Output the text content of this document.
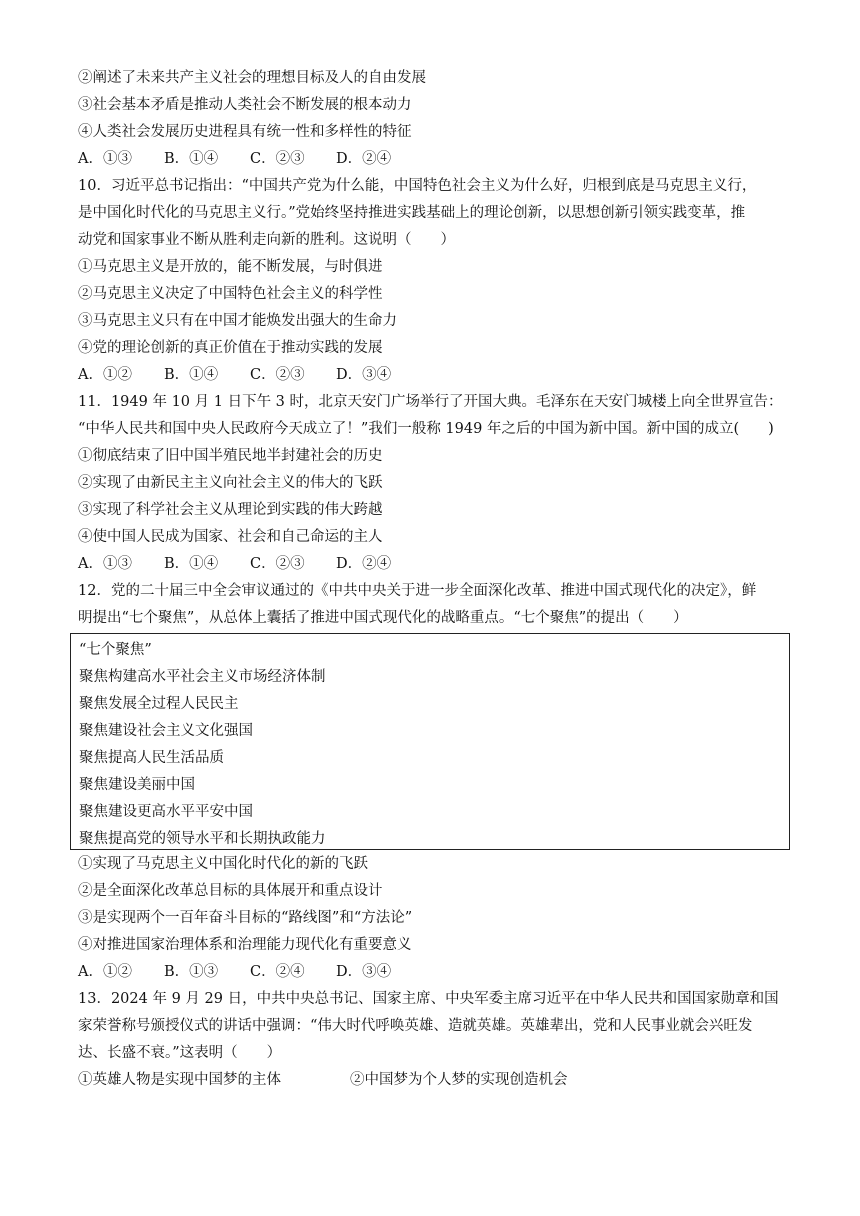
②阐述了未来共产主义社会的理想目标及人的自由发展
③社会基本矛盾是推动人类社会不断发展的根本动力
④人类社会发展历史进程具有统一性和多样性的特征
A．①③	B．①④	C．②③	D．②④
10．习近平总书记指出：“中国共产党为什么能，中国特色社会主义为什么好，归根到底是马克思主义行，
是中国化时代化的马克思主义行。”党始终坚持推进实践基础上的理论创新，以思想创新引领实践变革，推
动党和国家事业不断从胜利走向新的胜利。这说明（　　）
①马克思主义是开放的，能不断发展，与时俱进
②马克思主义决定了中国特色社会主义的科学性
③马克思主义只有在中国才能焕发出强大的生命力
④党的理论创新的真正价值在于推动实践的发展
A．①②	B．①④	C．②③	D．③④
11．1949 年 10 月 1 日下午 3 时，北京天安门广场举行了开国大典。毛泽东在天安门城楼上向全世界宣告：
“中华人民共和国中央人民政府今天成立了！”我们一般称 1949 年之后的中国为新中国。新中国的成立(　　)
①彻底结束了旧中国半殖民地半封建社会的历史
②实现了由新民主主义向社会主义的伟大的飞跃
③实现了科学社会主义从理论到实践的伟大跨越
④使中国人民成为国家、社会和自己命运的主人
A．①③	B．①④	C．②③	D．②④
12．党的二十届三中全会审议通过的《中共中央关于进一步全面深化改革、推进中国式现代化的决定》，鲜
明提出“七个聚焦”，从总体上囊括了推进中国式现代化的战略重点。“七个聚焦”的提出（　　）
“七个聚焦”
聚焦构建高水平社会主义市场经济体制
聚焦发展全过程人民民主
聚焦建设社会主义文化强国
聚焦提高人民生活品质
聚焦建设美丽中国
聚焦建设更高水平平安中国
聚焦提高党的领导水平和长期执政能力
①实现了马克思主义中国化时代化的新的飞跃
②是全面深化改革总目标的具体展开和重点设计
③是实现两个一百年奋斗目标的“路线图”和“方法论”
④对推进国家治理体系和治理能力现代化有重要意义
A．①②	B．①③	C．②④	D．③④
13．2024 年 9 月 29 日，中共中央总书记、国家主席、中央军委主席习近平在中华人民共和国国家勋章和国
家荣誉称号颁授仪式的讲话中强调：“伟大时代呼唤英雄、造就英雄。英雄辈出，党和人民事业就会兴旺发
达、长盛不衰。”这表明（　　）
①英雄人物是实现中国梦的主体	②中国梦为个人梦的实现创造机会
